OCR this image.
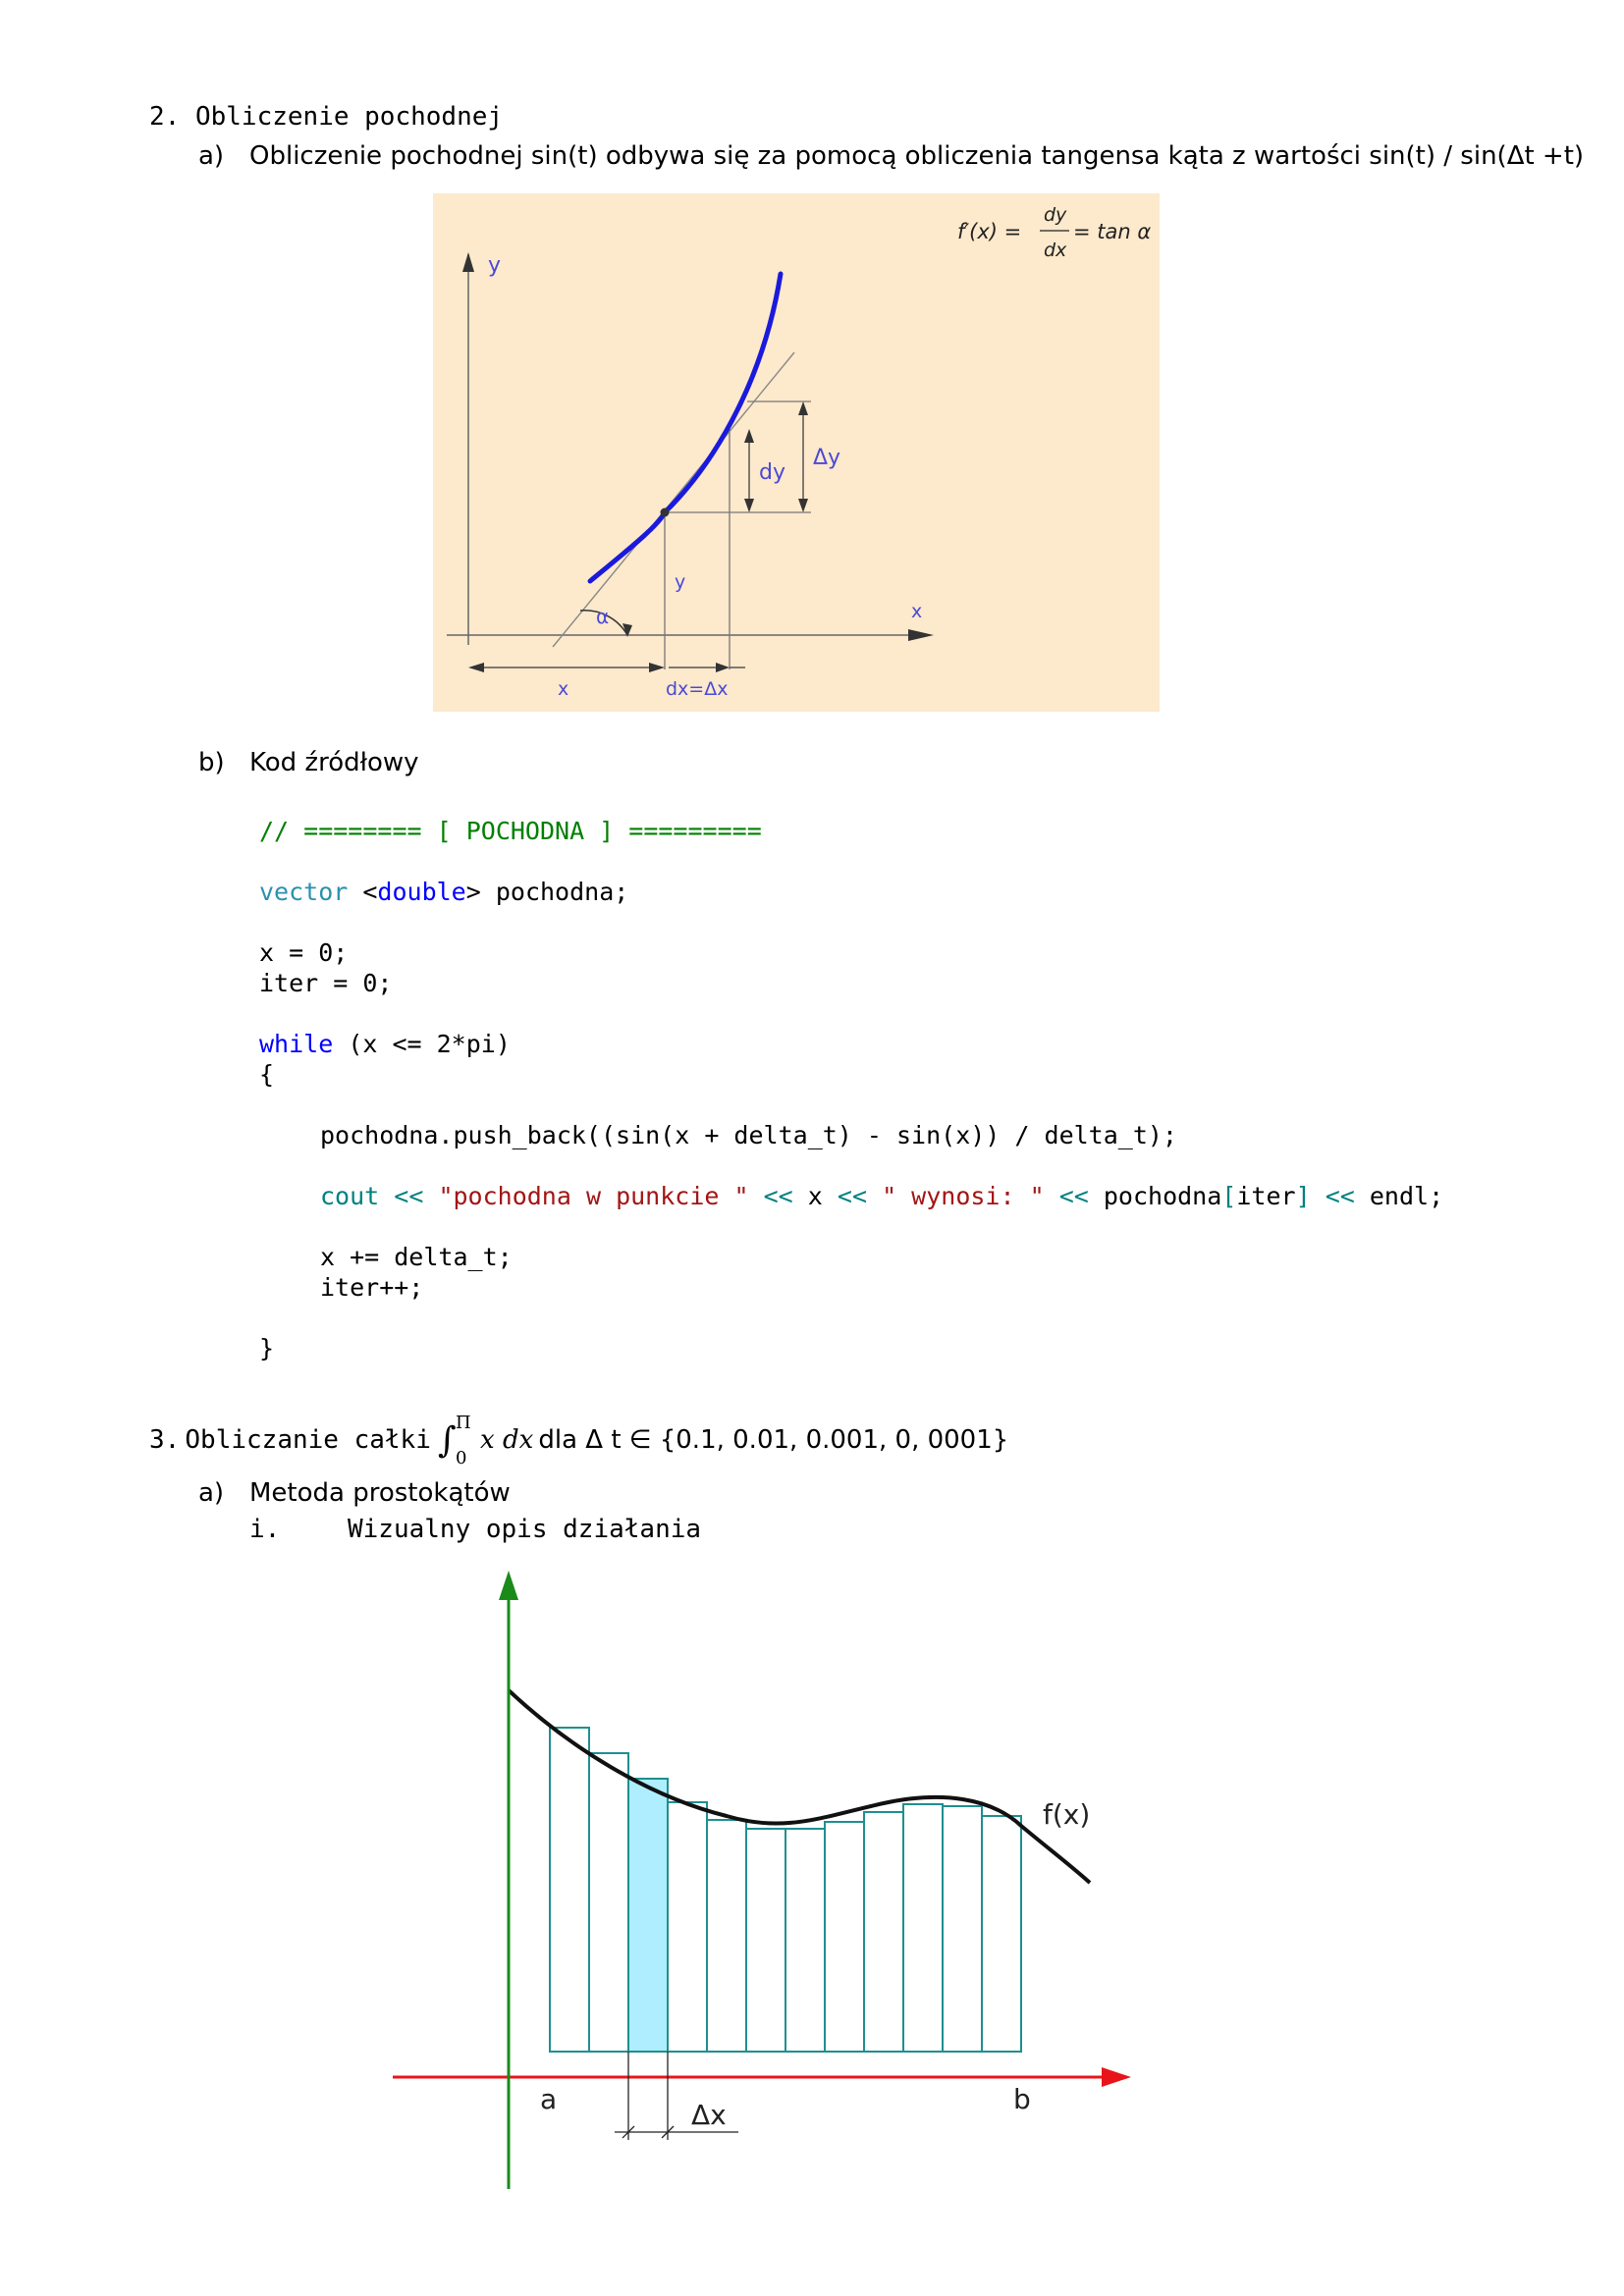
2. Obliczenie pochodnej
a) Obliczenie pochodnej sin(t) odbywa się za pomocą obliczenia tangensa kąta z wartości sin(t) / sin(Δt +t)
y
x
dy
Δy
y
α
x	dx=Δx
f′(x) =
dy
dx
= tan α
b) Kod źródłowy
// ======== [ POCHODNA ] =========
vector <double> pochodna;
x = 0;
iter = 0;
while (x <= 2*pi)
{
pochodna.push_back((sin(x + delta_t) - sin(x)) / delta_t);
cout << "pochodna w punkcie " << x << " wynosi: " << pochodna[iter] << endl;
x += delta_t;
iter++;
}
3. Obliczanie całki ∫ Π
0
x dx dla Δ t ∈ {0.1, 0.01, 0.001, 0, 0001}
a) Metoda prostokątów
i.	Wizualny opis działania
a	b
f(x)
Δx
